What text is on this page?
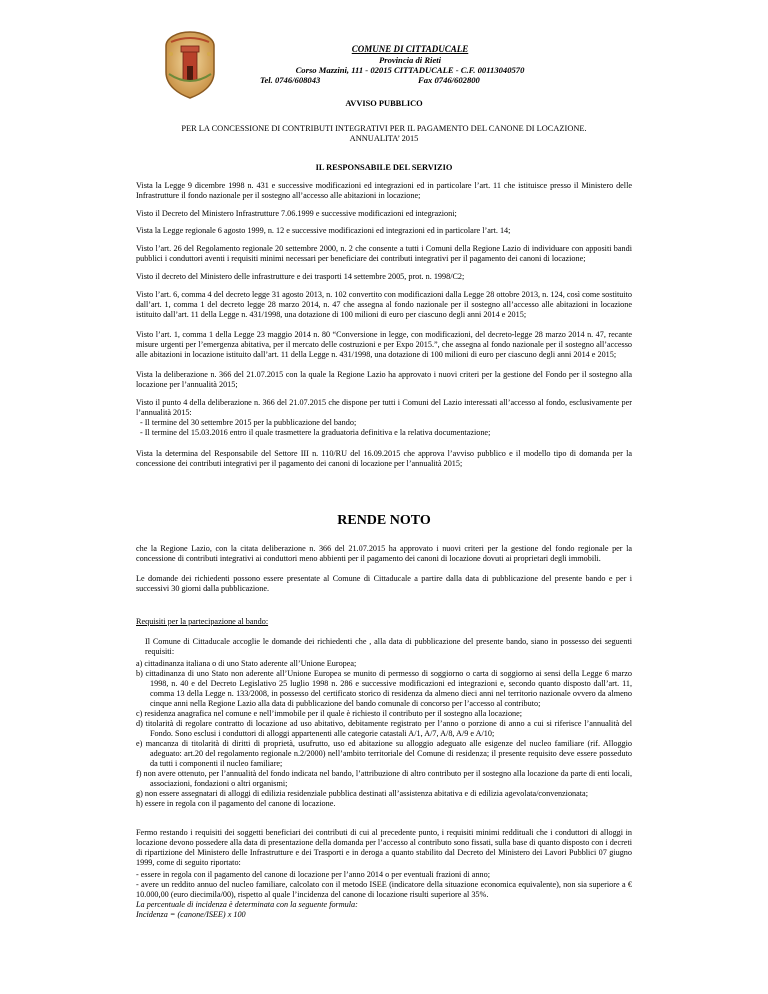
COMUNE DI CITTADUCALE
Provincia di Rieti
Corso Mazzini, 111 - 02015 CITTADUCALE - C.F. 00113040570
Tel. 0746/608043	Fax 0746/602800
AVVISO PUBBLICO
PER LA CONCESSIONE DI CONTRIBUTI INTEGRATIVI PER IL PAGAMENTO DEL CANONE DI LOCAZIONE.
ANNUALITA’ 2015
IL RESPONSABILE DEL SERVIZIO

Vista la Legge 9 dicembre 1998 n. 431 e successive modificazioni ed integrazioni ed in particolare l’art. 11 che istituisce presso il Ministero delle Infrastrutture il fondo nazionale per il sostegno all’accesso alle abitazioni in locazione;

Visto il Decreto del Ministero Infrastrutture 7.06.1999 e successive modificazioni ed integrazioni;

Vista la Legge regionale 6 agosto 1999, n. 12 e successive modificazioni ed integrazioni ed in particolare l’art. 14;

Visto l’art. 26 del Regolamento regionale 20 settembre 2000, n. 2 che consente a tutti i Comuni della Regione Lazio di individuare con appositi bandi pubblici i conduttori aventi i requisiti minimi necessari per beneficiare dei contributi integrativi per il pagamento dei canoni di locazione;

Visto il decreto del Ministero delle infrastrutture e dei trasporti 14 settembre 2005, prot. n. 1998/C2;

Visto l’art. 6, comma 4 del decreto legge 31 agosto 2013, n. 102 convertito con modificazioni dalla Legge 28 ottobre 2013, n. 124, così come sostituito dall’art. 1, comma 1 del decreto legge 28 marzo 2014, n. 47 che assegna al fondo nazionale per il sostegno all’accesso alle abitazioni in locazione istituito dall’art. 11 della Legge n. 431/1998, una dotazione di 100 milioni di euro per ciascuno degli anni 2014 e 2015;

Visto l’art. 1, comma 1 della Legge 23 maggio 2014 n. 80 “Conversione in legge, con modificazioni, del decreto-legge 28 marzo 2014 n. 47, recante misure urgenti per l’emergenza abitativa, per il mercato delle costruzioni e per Expo 2015.”, che assegna al fondo nazionale per il sostegno all’accesso alle abitazioni in locazione istituito dall’art. 11 della Legge n. 431/1998, una dotazione di 100 milioni di euro per ciascuno degli anni 2014 e 2015;

Vista la deliberazione n. 366 del 21.07.2015 con la quale la Regione Lazio ha approvato i nuovi criteri per la gestione del Fondo per il sostegno alla locazione per l’annualità 2015;

Visto il punto 4 della deliberazione n. 366 del 21.07.2015 che dispone per tutti i Comuni del Lazio interessati all’accesso al fondo, esclusivamente per l’annualità 2015:
- Il termine del 30 settembre 2015 per la pubblicazione del bando;
- Il termine del 15.03.2016 entro il quale trasmettere la graduatoria definitiva e la relativa documentazione;

Vista la determina del Responsabile del Settore III n. 110/RU del 16.09.2015 che approva l’avviso pubblico e il modello tipo di domanda per la concessione dei contributi integrativi per il pagamento dei canoni di locazione per l’annualità 2015;

RENDE NOTO

che la Regione Lazio, con la citata deliberazione n. 366 del 21.07.2015 ha approvato i nuovi criteri per la gestione del fondo regionale per la concessione di contributi integrativi ai conduttori meno abbienti per il pagamento dei canoni di locazione dovuti ai proprietari degli immobili.

Le domande dei richiedenti possono essere presentate al Comune di Cittaducale a partire dalla data di pubblicazione del presente bando e per i successivi 30 giorni dalla pubblicazione.

Requisiti per la partecipazione al bando:

Il Comune di Cittaducale accoglie le domande dei richiedenti che , alla data di pubblicazione del presente bando, siano in possesso dei seguenti requisiti:

a) cittadinanza italiana o di uno Stato aderente all’Unione Europea;
b) cittadinanza di uno Stato non aderente all’Unione Europea se munito di permesso di soggiorno o carta di soggiorno ai sensi della Legge 6 marzo 1998, n. 40 e del Decreto Legislativo 25 luglio 1998 n. 286 e successive modificazioni ed integrazioni e, secondo quanto disposto dall’art. 11, comma 13 della Legge n. 133/2008, in possesso del certificato storico di residenza da almeno dieci anni nel territorio nazionale ovvero da almeno cinque anni nella Regione Lazio alla data di pubblicazione del bando comunale di concorso per l’accesso al contributo;
c) residenza anagrafica nel comune e nell’immobile per il quale è richiesto il contributo per il sostegno alla locazione;
d) titolarità di regolare contratto di locazione ad uso abitativo, debitamente registrato per l’anno o porzione di anno a cui si riferisce l’annualità del Fondo. Sono esclusi i conduttori di alloggi appartenenti alle categorie catastali A/1, A/7, A/8, A/9 e A/10;
e) mancanza di titolarità di diritti di proprietà, usufrutto, uso ed abitazione su alloggio adeguato alle esigenze del nucleo familiare (rif. Alloggio adeguato: art.20 del regolamento regionale n.2/2000) nell’ambito territoriale del Comune di residenza; il presente requisito deve essere posseduto da tutti i componenti il nucleo familiare;
f) non avere ottenuto, per l’annualità del fondo indicata nel bando, l’attribuzione di altro contributo per il sostegno alla locazione da parte di enti locali, associazioni, fondazioni o altri organismi;
g) non essere assegnatari di alloggi di edilizia residenziale pubblica destinati all’assistenza abitativa e di edilizia agevolata/convenzionata;
h) essere in regola con il pagamento del canone di locazione.

Fermo restando i requisiti dei soggetti beneficiari dei contributi di cui al precedente punto, i requisiti minimi reddituali che i conduttori di alloggi in locazione devono possedere alla data di presentazione della domanda per l’accesso al contributo sono fissati, sulla base di quanto disposto con i decreti di ripartizione del Ministero delle Infrastrutture e dei Trasporti e in deroga a quanto stabilito dal Decreto del Ministero dei Lavori Pubblici 07 giugno 1999, come di seguito riportato:

- essere in regola con il pagamento del canone di locazione per l’anno 2014 o per eventuali frazioni di anno;
- avere un reddito annuo del nucleo familiare, calcolato con il metodo ISEE (indicatore della situazione economica equivalente), non sia superiore a € 10.000,00 (euro diecimila/00), rispetto al quale l’incidenza del canone di locazione risulti superiore al 35%.
La percentuale di incidenza è determinata con la seguente formula:
Incidenza = (canone/ISEE) x 100
